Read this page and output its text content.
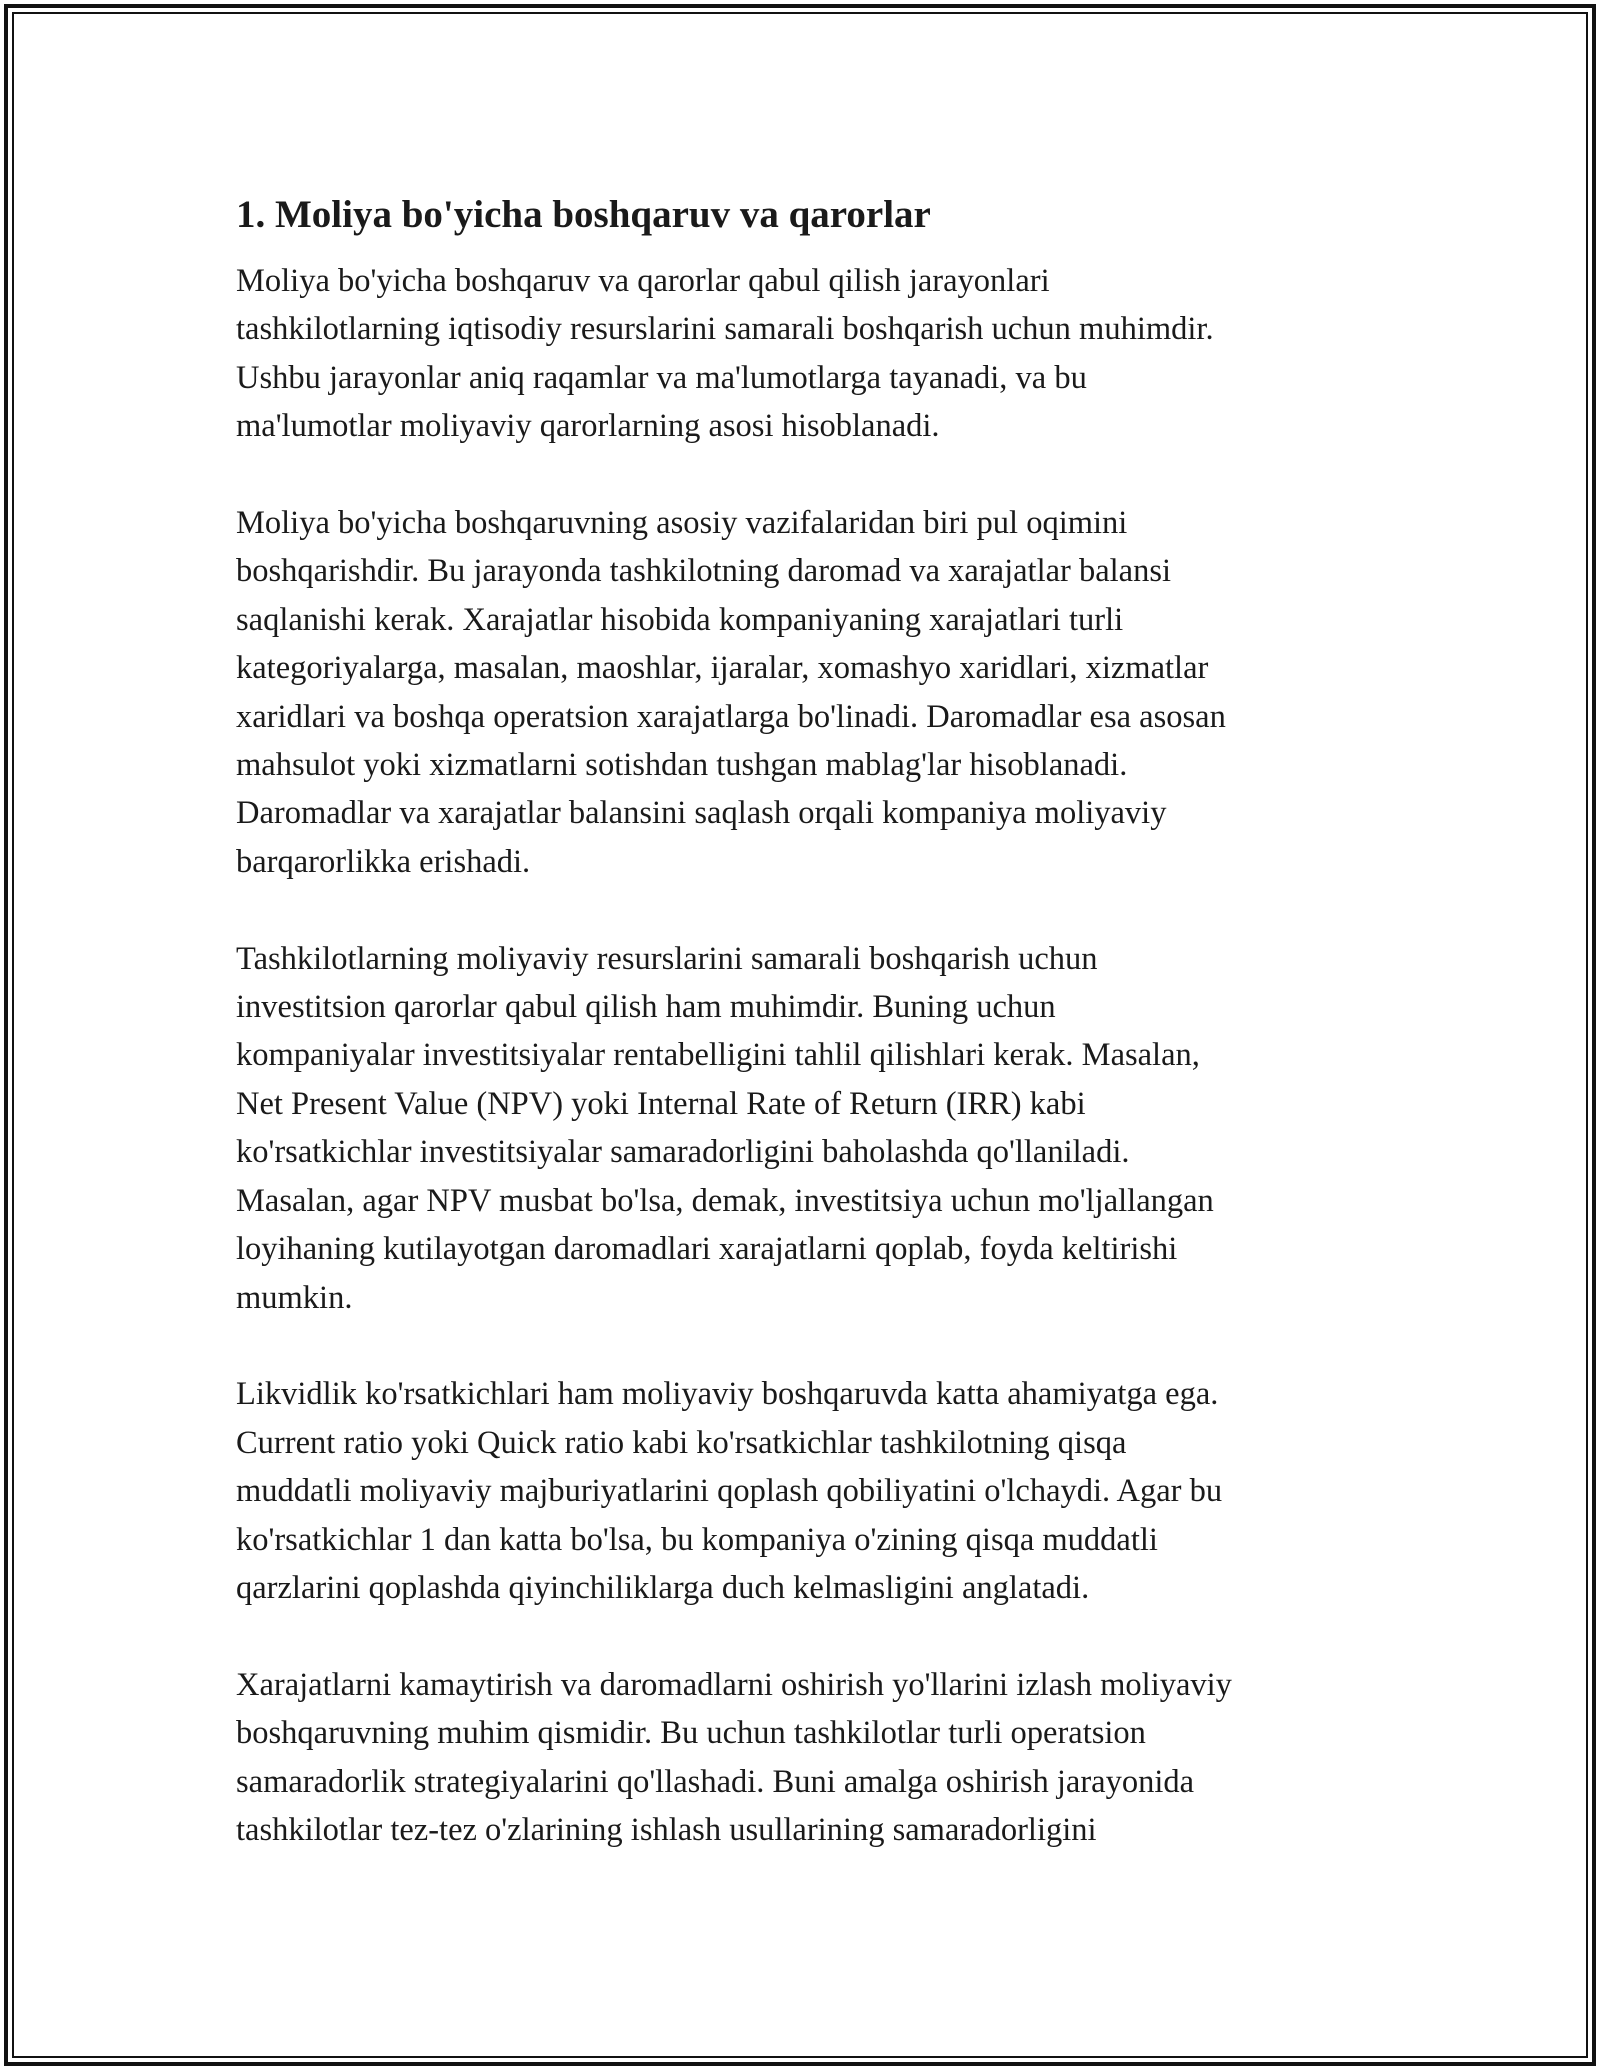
1. Moliya bo'yicha boshqaruv va qarorlar

Moliya bo'yicha boshqaruv va qarorlar qabul qilish jarayonlari
tashkilotlarning iqtisodiy resurslarini samarali boshqarish uchun muhimdir.
Ushbu jarayonlar aniq raqamlar va ma'lumotlarga tayanadi, va bu
ma'lumotlar moliyaviy qarorlarning asosi hisoblanadi.

Moliya bo'yicha boshqaruvning asosiy vazifalaridan biri pul oqimini
boshqarishdir. Bu jarayonda tashkilotning daromad va xarajatlar balansi
saqlanishi kerak. Xarajatlar hisobida kompaniyaning xarajatlari turli
kategoriyalarga, masalan, maoshlar, ijaralar, xomashyo xaridlari, xizmatlar
xaridlari va boshqa operatsion xarajatlarga bo'linadi. Daromadlar esa asosan
mahsulot yoki xizmatlarni sotishdan tushgan mablag'lar hisoblanadi.
Daromadlar va xarajatlar balansini saqlash orqali kompaniya moliyaviy
barqarorlikka erishadi.

Tashkilotlarning moliyaviy resurslarini samarali boshqarish uchun
investitsion qarorlar qabul qilish ham muhimdir. Buning uchun
kompaniyalar investitsiyalar rentabelligini tahlil qilishlari kerak. Masalan,
Net Present Value (NPV) yoki Internal Rate of Return (IRR) kabi
ko'rsatkichlar investitsiyalar samaradorligini baholashda qo'llaniladi.
Masalan, agar NPV musbat bo'lsa, demak, investitsiya uchun mo'ljallangan
loyihaning kutilayotgan daromadlari xarajatlarni qoplab, foyda keltirishi
mumkin.

Likvidlik ko'rsatkichlari ham moliyaviy boshqaruvda katta ahamiyatga ega.
Current ratio yoki Quick ratio kabi ko'rsatkichlar tashkilotning qisqa
muddatli moliyaviy majburiyatlarini qoplash qobiliyatini o'lchaydi. Agar bu
ko'rsatkichlar 1 dan katta bo'lsa, bu kompaniya o'zining qisqa muddatli
qarzlarini qoplashda qiyinchiliklarga duch kelmasligini anglatadi.

Xarajatlarni kamaytirish va daromadlarni oshirish yo'llarini izlash moliyaviy
boshqaruvning muhim qismidir. Bu uchun tashkilotlar turli operatsion
samaradorlik strategiyalarini qo'llashadi. Buni amalga oshirish jarayonida
tashkilotlar tez-tez o'zlarining ishlash usullarining samaradorligini
